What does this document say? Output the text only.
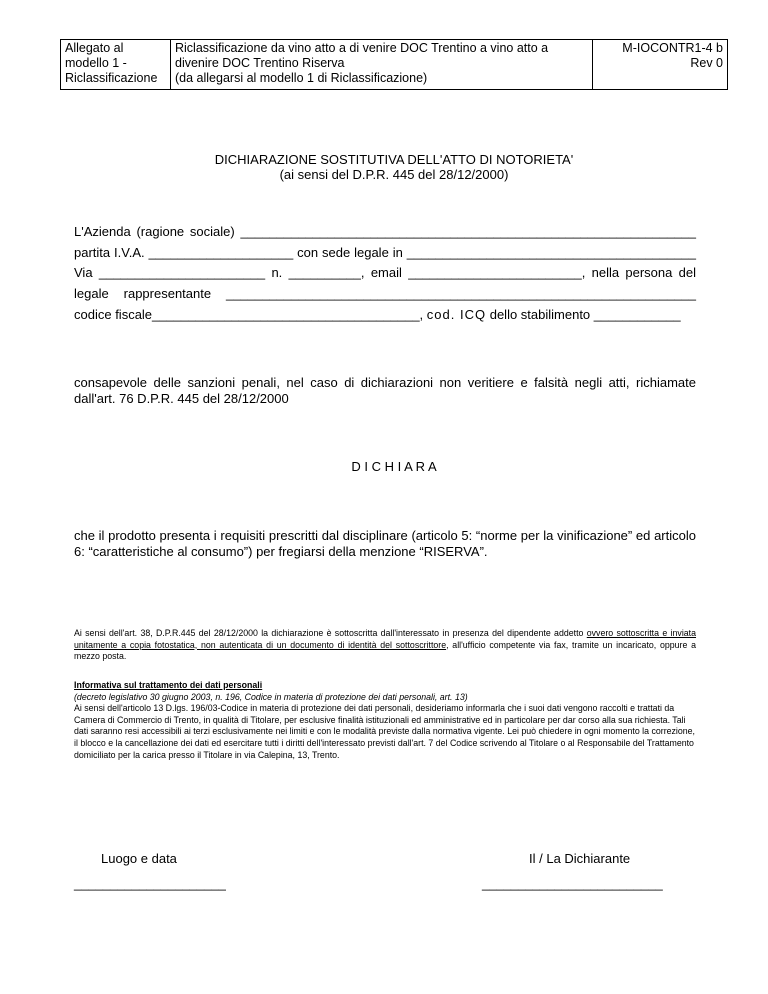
Allegato al
modello 1 -
Riclassificazione

Riclassificazione da vino atto a di venire DOC Trentino a vino atto a
divenire DOC Trentino Riserva
(da allegarsi al modello 1 di Riclassificazione)

M-IOCONTR1-4 b
Rev 0
DICHIARAZIONE SOSTITUTIVA DELL'ATTO DI NOTORIETA'
(ai sensi del D.P.R. 445 del 28/12/2000)
L'Azienda (ragione sociale) _______________________________________________________________
partita I.V.A. ____________________ con sede legale in ________________________________________
Via _______________________ n. __________, email ________________________, nella persona del
legale rappresentante _________________________________________________________________
codice fiscale_____________________________________, cod. ICQ dello stabilimento ____________
consapevole delle sanzioni penali, nel caso di dichiarazioni non veritiere e falsità negli atti, richiamate dall'art. 76 D.P.R. 445 del 28/12/2000
D I C H I A R A
che il prodotto presenta i requisiti prescritti dal disciplinare (articolo 5: “norme per la vinificazione” ed articolo 6: “caratteristiche al consumo”) per fregiarsi della menzione “RISERVA”.
Ai sensi dell'art. 38, D.P.R.445 del 28/12/2000 la dichiarazione è sottoscritta dall'interessato in presenza del dipendente addetto ovvero sottoscritta e inviata unitamente a copia fotostatica, non autenticata di un documento di identità del sottoscrittore, all'ufficio competente via fax, tramite un incaricato, oppure a mezzo posta.
Informativa sul trattamento dei dati personali
(decreto legislativo 30 giugno 2003, n. 196, Codice in materia di protezione dei dati personali, art. 13)
Ai sensi dell'articolo 13 D.lgs. 196/03-Codice in materia di protezione dei dati personali, desideriamo informarla che i suoi dati vengono raccolti e trattati da Camera di Commercio di Trento, in qualità di Titolare, per esclusive finalità istituzionali ed amministrative ed in particolare per dar corso alla sua richiesta. Tali dati saranno resi accessibili ai terzi esclusivamente nei limiti e con le modalità previste dalla normativa vigente. Lei può chiedere in ogni momento la correzione, il blocco e la cancellazione dei dati ed esercitare tutti i diritti dell'interessato previsti dall'art. 7 del Codice scrivendo al Titolare o al Responsabile del Trattamento domiciliato per la carica presso il Titolare in via Calepina, 13, Trento.
Luogo e data	Il / La Dichiarante
_____________________	_________________________
